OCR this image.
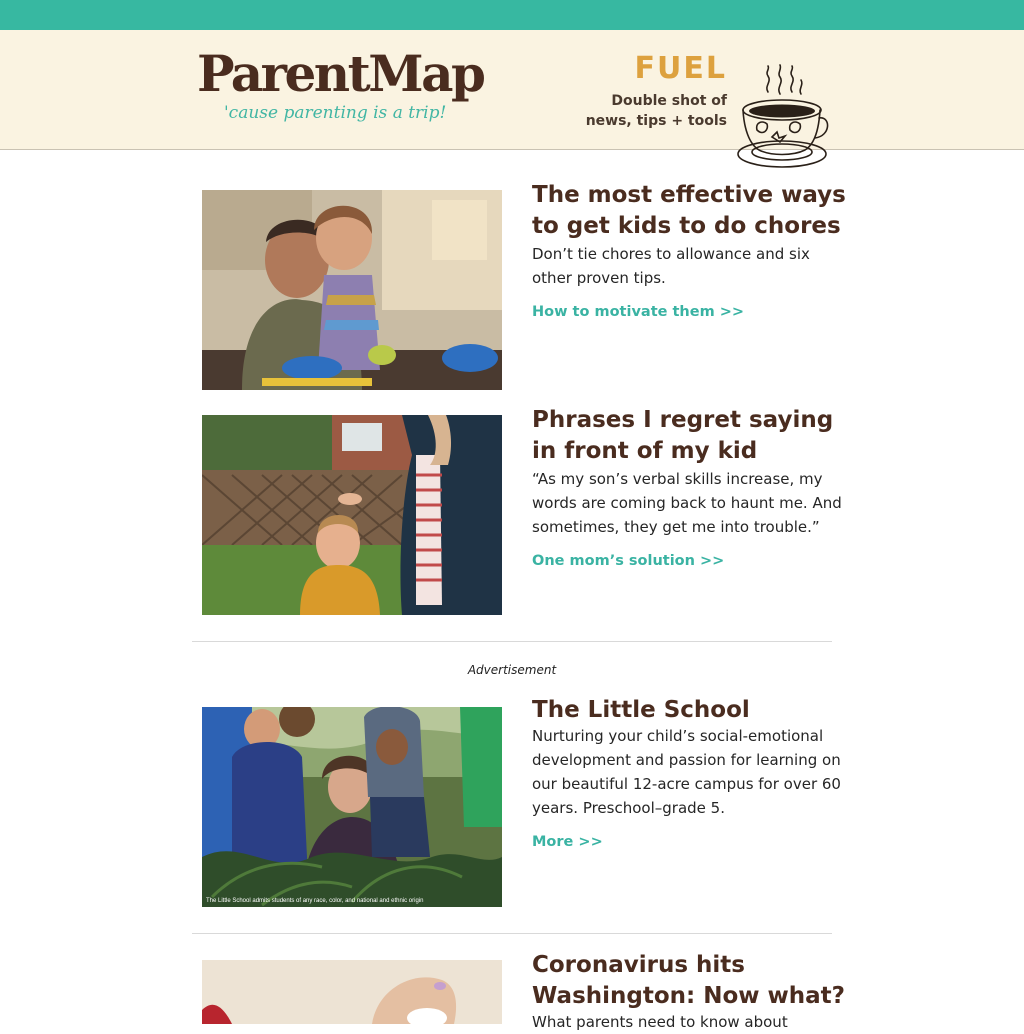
ParentMap
'cause parenting is a trip!
FUEL
Double shot of
news, tips + tools
The most effective ways
to get kids to do chores
Don’t tie chores to allowance and six
other proven tips.
How to motivate them >>
Phrases I regret saying
in front of my kid
“As my son’s verbal skills increase, my
words are coming back to haunt me. And
sometimes, they get me into trouble.”
One mom’s solution >>
Advertisement
The Little School admits students of any race, color, and national and ethnic origin
The Little School
Nurturing your child’s social-emotional
development and passion for learning on
our beautiful 12-acre campus for over 60
years. Preschool–grade 5.
More >>
Coronavirus hits
Washington: Now what?
What parents need to know about
